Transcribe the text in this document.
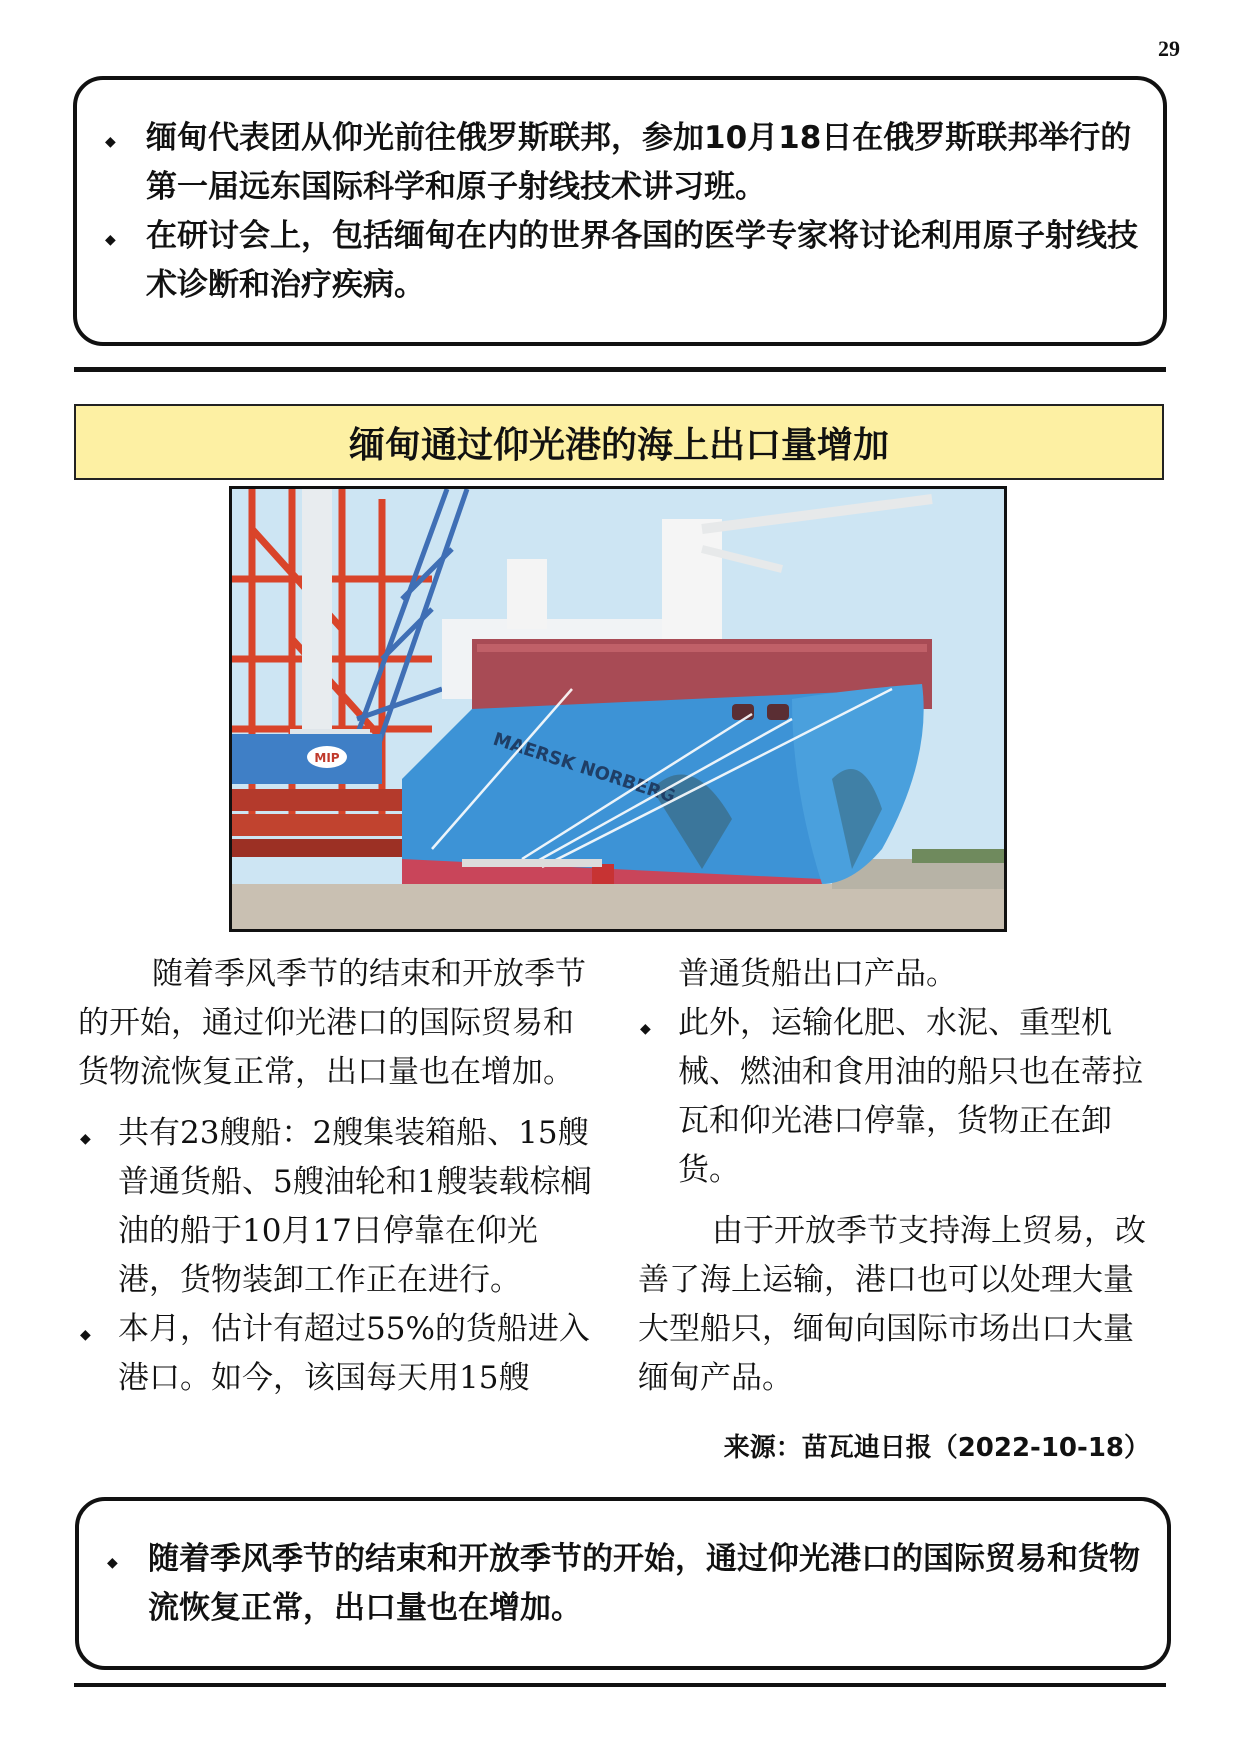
29
◆ 缅甸代表团从仰光前往俄罗斯联邦，参加10月18日在俄罗斯联邦举行的第一届远东国际科学和原子射线技术讲习班。
◆ 在研讨会上，包括缅甸在内的世界各国的医学专家将讨论利用原子射线技术诊断和治疗疾病。
缅甸通过仰光港的海上出口量增加
MIP	MAERSK NORBERG

随着季风季节的结束和开放季节的开始，通过仰光港口的国际贸易和货物流恢复正常，出口量也在增加。

◆ 共有23艘船：2艘集装箱船、15艘普通货船、5艘油轮和1艘装载棕榈油的船于10月17日停靠在仰光港，货物装卸工作正在进行。
◆ 本月，估计有超过55%的货船进入港口。如今，该国每天用15艘

普通货船出口产品。

◆ 此外，运输化肥、水泥、重型机械、燃油和食用油的船只也在蒂拉瓦和仰光港口停靠，货物正在卸货。

由于开放季节支持海上贸易，改善了海上运输，港口也可以处理大量大型船只，缅甸向国际市场出口大量缅甸产品。

来源：苗瓦迪日报（2022-10-18）
◆ 随着季风季节的结束和开放季节的开始，通过仰光港口的国际贸易和货物流恢复正常，出口量也在增加。
